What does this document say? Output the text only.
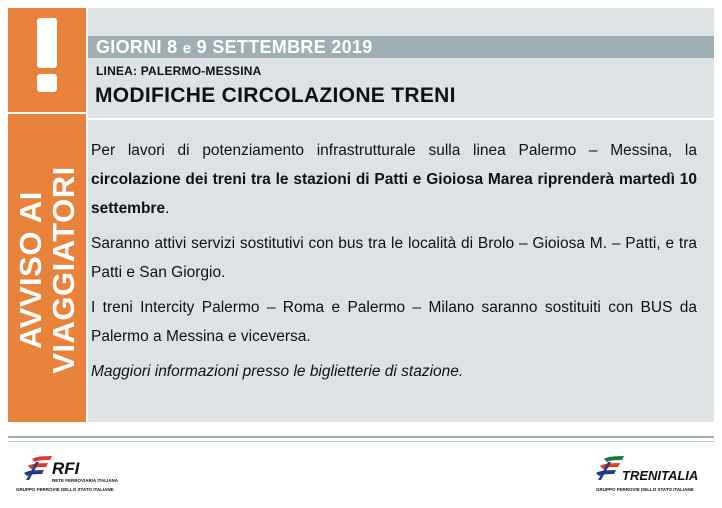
AVVISO AI
VIAGGIATORI
GIORNI 8 e 9 SETTEMBRE 2019
LINEA: PALERMO-MESSINA
MODIFICHE CIRCOLAZIONE TRENI

Per lavori di potenziamento infrastrutturale sulla linea Palermo – Messina, la circolazione dei treni tra le stazioni di Patti e Gioiosa Marea riprenderà martedì 10 settembre.

Saranno attivi servizi sostitutivi con bus tra le località di Brolo – Gioiosa M. – Patti, e tra Patti e San Giorgio.

I treni Intercity Palermo – Roma e Palermo – Milano saranno sostituiti con BUS da Palermo a Messina e viceversa.

Maggiori informazioni presso le biglietterie di stazione.

RFI
RETE FERROVIARIA ITALIANA
GRUPPO FERROVIE DELLO STATO ITALIANE
TRENITALIA
GRUPPO FERROVIE DELLO STATO ITALIANE
